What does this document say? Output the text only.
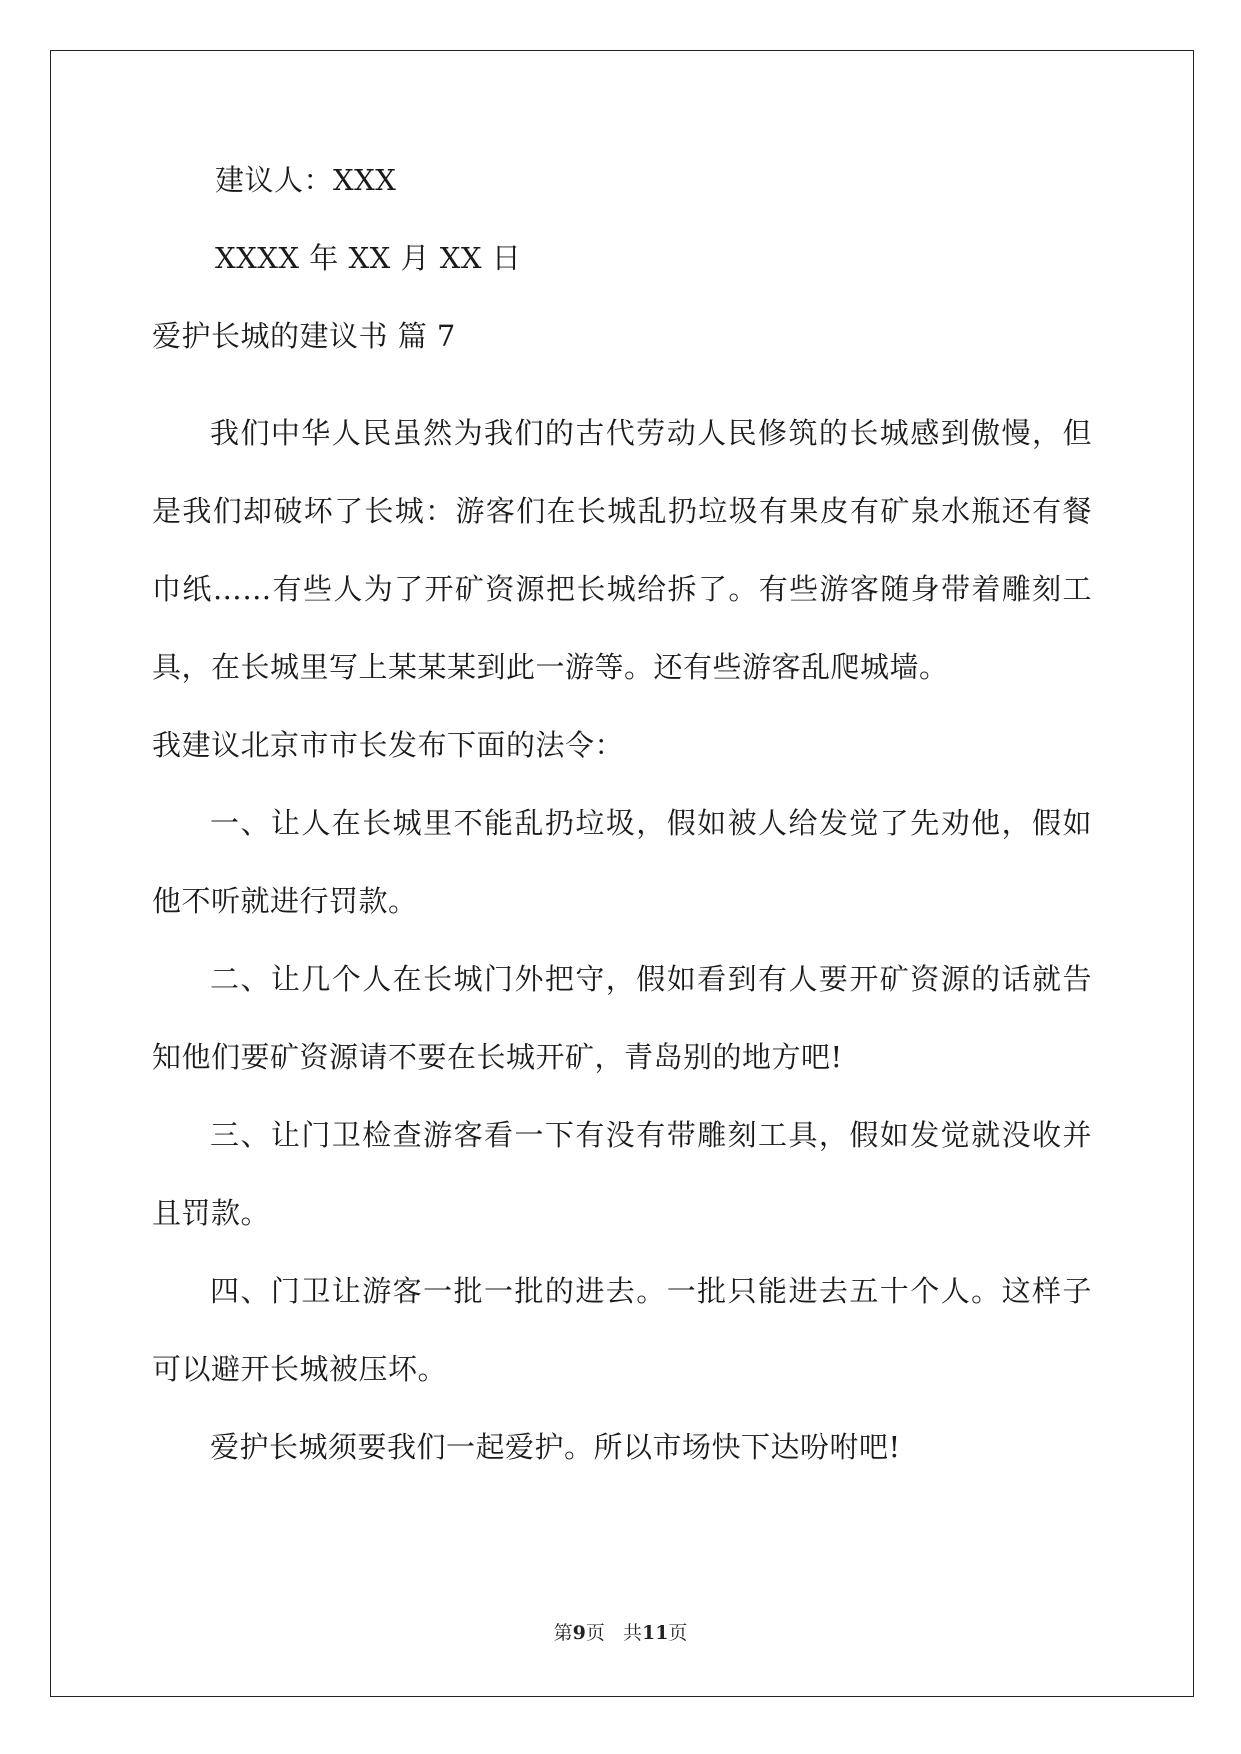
建议人：XXX
XXXX 年 XX 月 XX 日
爱护长城的建议书 篇 7

我们中华人民虽然为我们的古代劳动人民修筑的长城感到傲慢，但是我们却破坏了长城：游客们在长城乱扔垃圾有果皮有矿泉水瓶还有餐巾纸……有些人为了开矿资源把长城给拆了。有些游客随身带着雕刻工具，在长城里写上某某某到此一游等。还有些游客乱爬城墙。

我建议北京市市长发布下面的法令：

一、让人在长城里不能乱扔垃圾，假如被人给发觉了先劝他，假如他不听就进行罚款。

二、让几个人在长城门外把守，假如看到有人要开矿资源的话就告知他们要矿资源请不要在长城开矿，青岛别的地方吧!

三、让门卫检查游客看一下有没有带雕刻工具，假如发觉就没收并且罚款。

四、门卫让游客一批一批的进去。一批只能进去五十个人。这样子可以避开长城被压坏。

爱护长城须要我们一起爱护。所以市场快下达吩咐吧!

第9页 共11页
